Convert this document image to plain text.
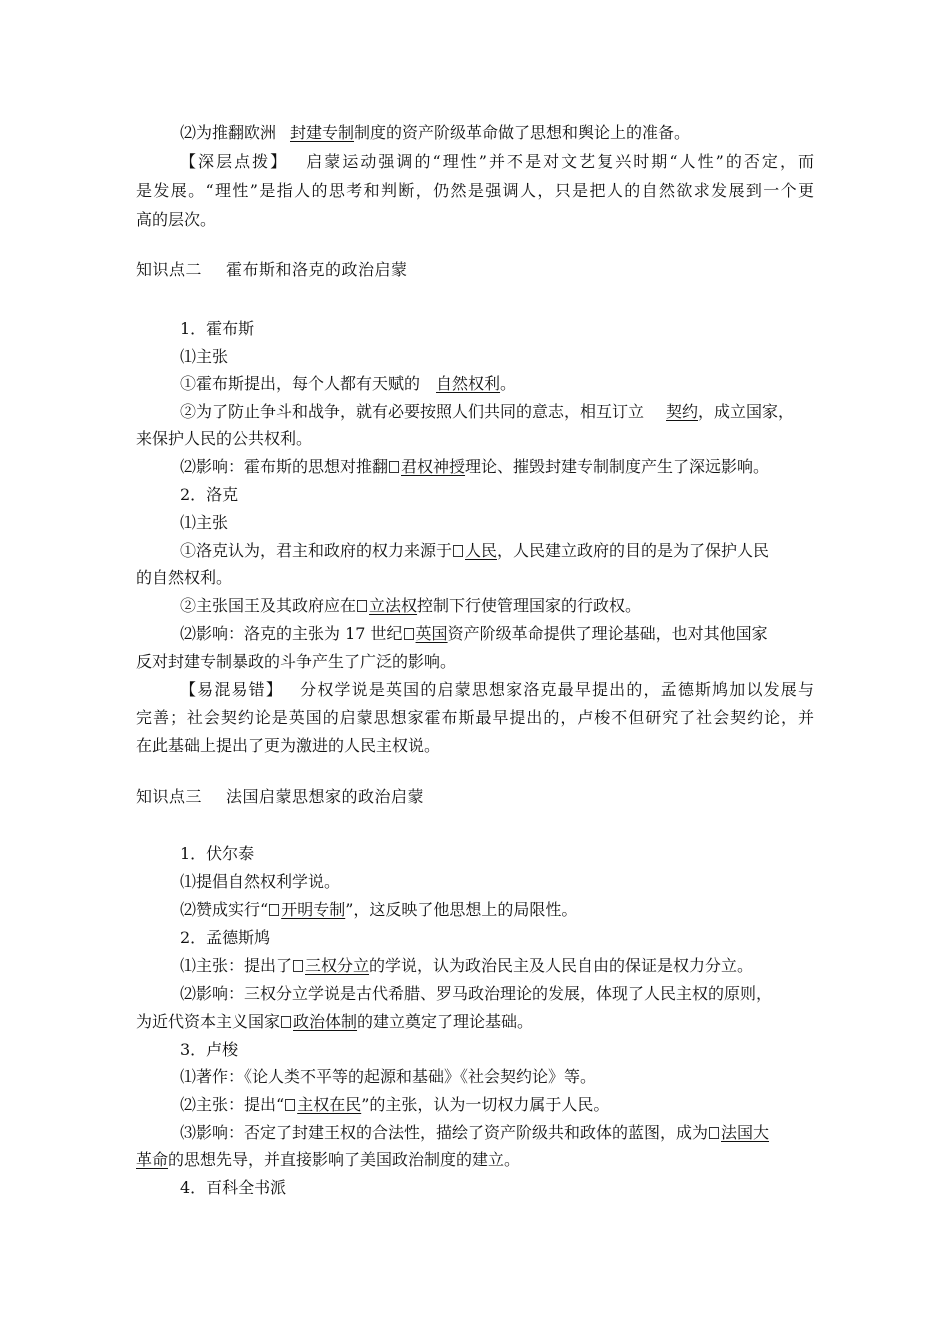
⑵为推翻欧洲 封建专制制度的资产阶级革命做了思想和舆论上的准备。
【深层点拨】 启蒙运动强调的“理性”并不是对文艺复兴时期“人性”的否定，而
是发展。“理性”是指人的思考和判断，仍然是强调人，只是把人的自然欲求发展到一个更
高的层次。
知识点二 霍布斯和洛克的政治启蒙
1．霍布斯
⑴主张
①霍布斯提出，每个人都有天赋的 自然权利。
②为了防止争斗和战争，就有必要按照人们共同的意志，相互订立 契约，成立国家，
来保护人民的公共权利。
⑵影响：霍布斯的思想对推翻 君权神授理论、摧毁封建专制制度产生了深远影响。
2．洛克
⑴主张
①洛克认为，君主和政府的权力来源于 人民，人民建立政府的目的是为了保护人民
的自然权利。
②主张国王及其政府应在 立法权控制下行使管理国家的行政权。
⑵影响：洛克的主张为 17 世纪 英国资产阶级革命提供了理论基础，也对其他国家
反对封建专制暴政的斗争产生了广泛的影响。
【易混易错】 分权学说是英国的启蒙思想家洛克最早提出的，孟德斯鸠加以发展与
完善；社会契约论是英国的启蒙思想家霍布斯最早提出的，卢梭不但研究了社会契约论，并
在此基础上提出了更为激进的人民主权说。
知识点三 法国启蒙思想家的政治启蒙
1．伏尔泰
⑴提倡自然权利学说。
⑵赞成实行“ 开明专制”，这反映了他思想上的局限性。
2．孟德斯鸠
⑴主张：提出了 三权分立的学说，认为政治民主及人民自由的保证是权力分立。
⑵影响：三权分立学说是古代希腊、罗马政治理论的发展，体现了人民主权的原则，
为近代资本主义国家 政治体制的建立奠定了理论基础。
3．卢梭
⑴著作：《论人类不平等的起源和基础》《社会契约论》等。
⑵主张：提出“ 主权在民”的主张，认为一切权力属于人民。
⑶影响：否定了封建王权的合法性，描绘了资产阶级共和政体的蓝图，成为 法国大
革命的思想先导，并直接影响了美国政治制度的建立。
4．百科全书派
